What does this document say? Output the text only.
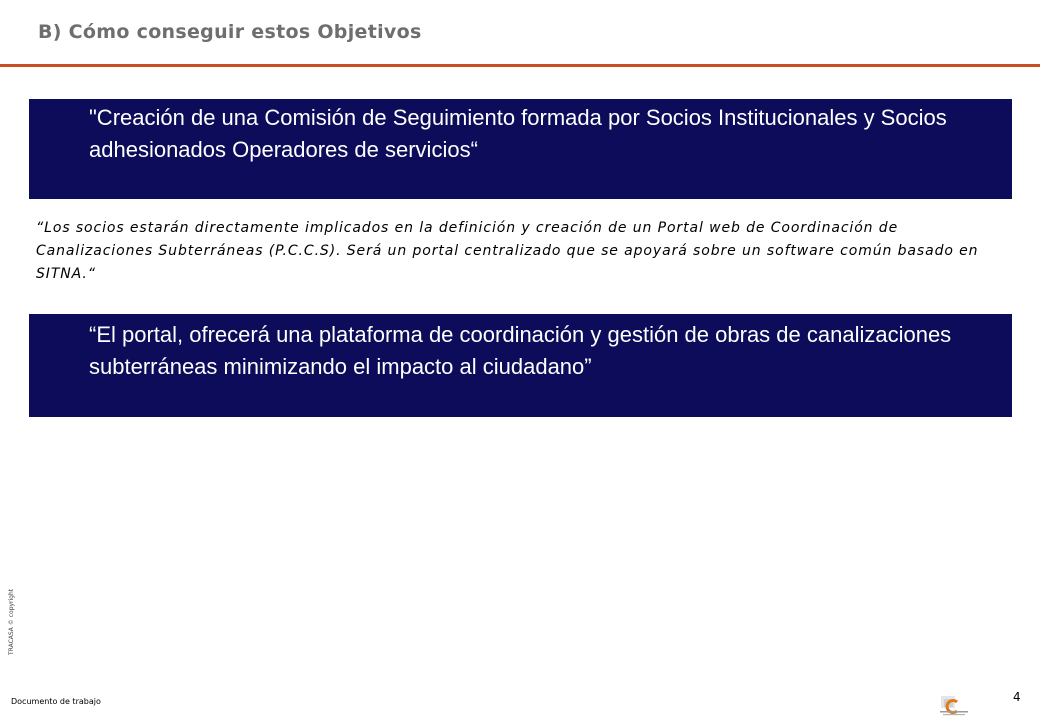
B) Cómo conseguir estos Objetivos
"Creación de una Comisión de Seguimiento formada por Socios Institucionales y Socios adhesionados Operadores de servicios“
“Los socios estarán directamente implicados en la definición y creación de un Portal web de Coordinación de Canalizaciones Subterráneas (P.C.C.S). Será un portal centralizado que se apoyará sobre un software común basado en SITNA.“
“El portal, ofrecerá una plataforma de coordinación y gestión de obras de canalizaciones subterráneas minimizando el impacto al ciudadano”
TRACASA © copyright
Documento de trabajo	4
